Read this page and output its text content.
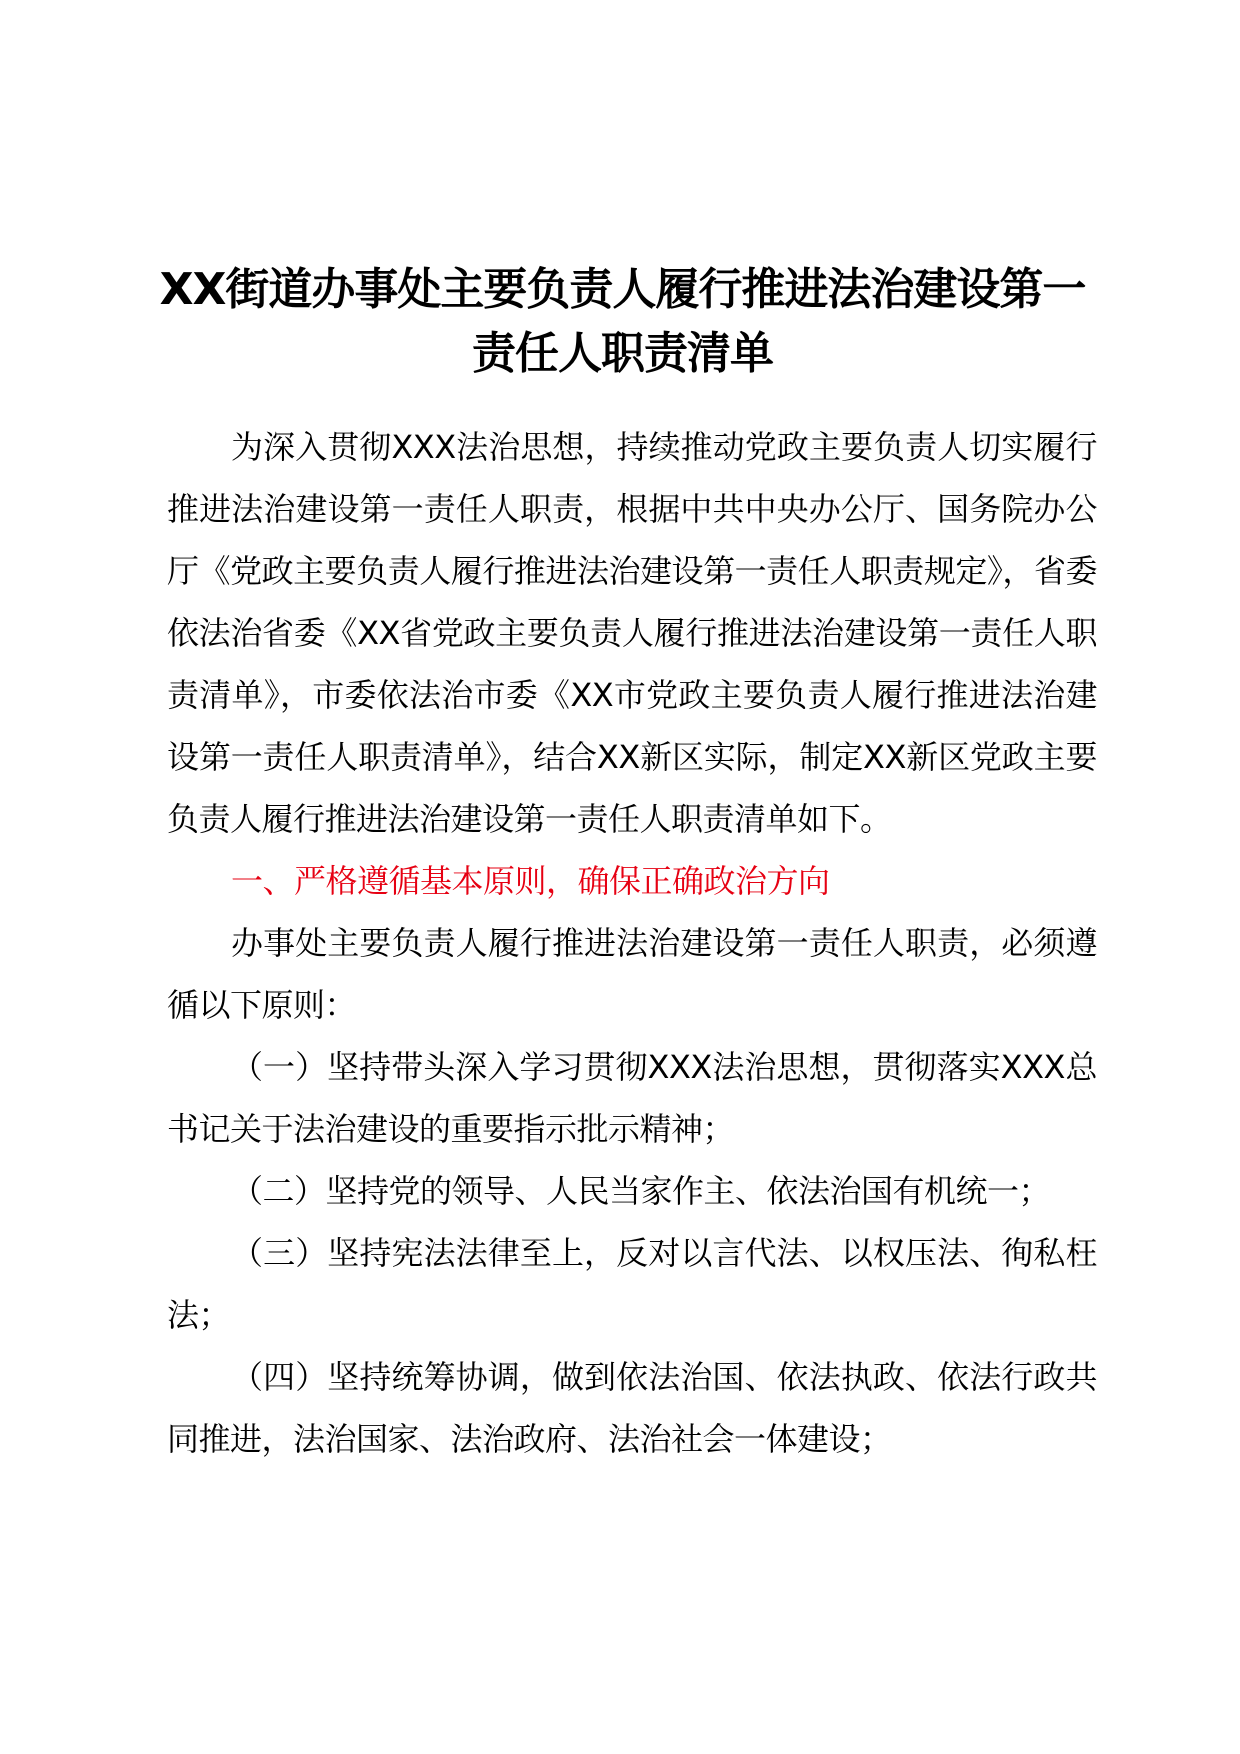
XX街道办事处主要负责人履行推进法治建设第一责任人职责清单

为深入贯彻XXX法治思想，持续推动党政主要负责人切实履行推进法治建设第一责任人职责，根据中共中央办公厅、国务院办公厅《党政主要负责人履行推进法治建设第一责任人职责规定》，省委依法治省委《XX省党政主要负责人履行推进法治建设第一责任人职责清单》，市委依法治市委《XX市党政主要负责人履行推进法治建设第一责任人职责清单》，结合XX新区实际，制定XX新区党政主要负责人履行推进法治建设第一责任人职责清单如下。

一、严格遵循基本原则，确保正确政治方向

办事处主要负责人履行推进法治建设第一责任人职责，必须遵循以下原则：

（一）坚持带头深入学习贯彻XXX法治思想，贯彻落实XXX总书记关于法治建设的重要指示批示精神；

（二）坚持党的领导、人民当家作主、依法治国有机统一；

（三）坚持宪法法律至上，反对以言代法、以权压法、徇私枉法；

（四）坚持统筹协调，做到依法治国、依法执政、依法行政共同推进，法治国家、法治政府、法治社会一体建设；
